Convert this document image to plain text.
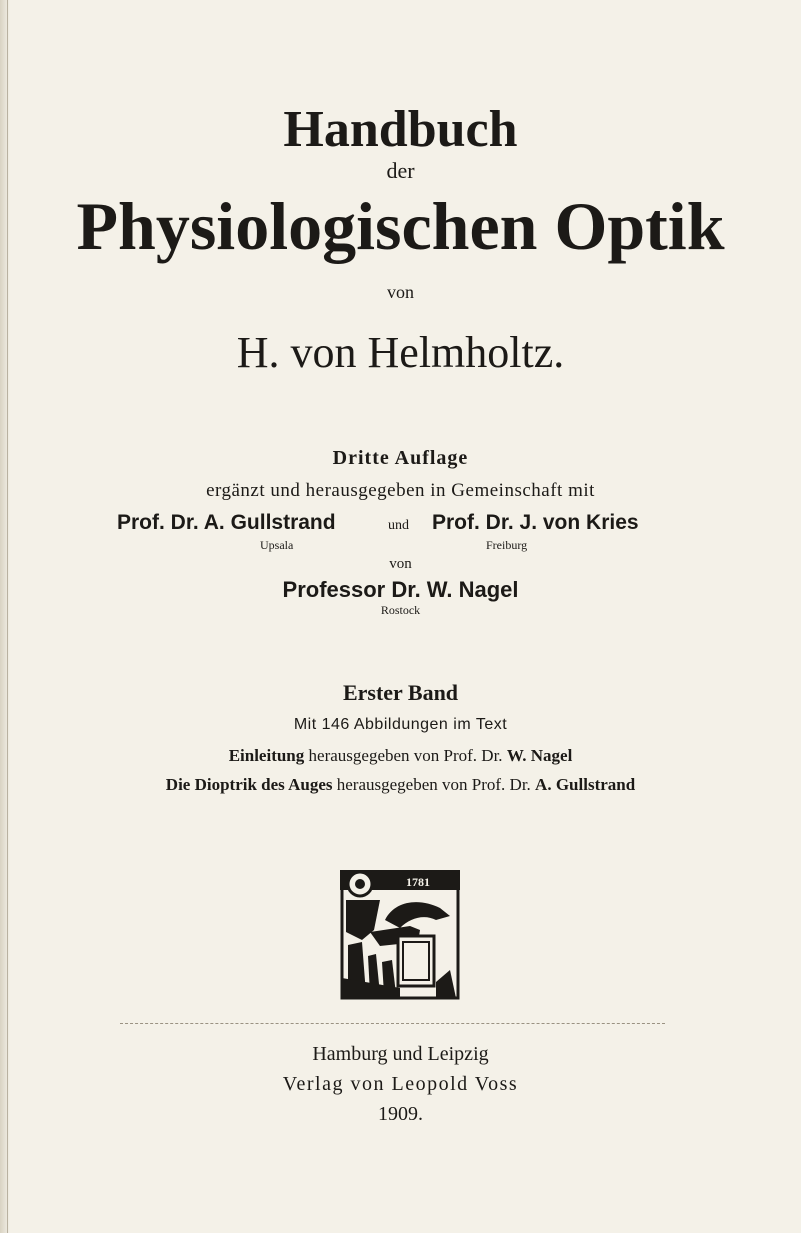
Handbuch
der
Physiologischen Optik
von
H. von Helmholtz.
Dritte Auflage
ergänzt und herausgegeben in Gemeinschaft mit
Prof. Dr. A. Gullstrand	und Prof. Dr. J. von Kries
Upsala	Freiburg
von
Professor Dr. W. Nagel
Rostock
Erster Band
Mit 146 Abbildungen im Text
Einleitung herausgegeben von Prof. Dr. W. Nagel
Die Dioptrik des Auges herausgegeben von Prof. Dr. A. Gullstrand
1781
Hamburg und Leipzig
Verlag von Leopold Voss
1909.
